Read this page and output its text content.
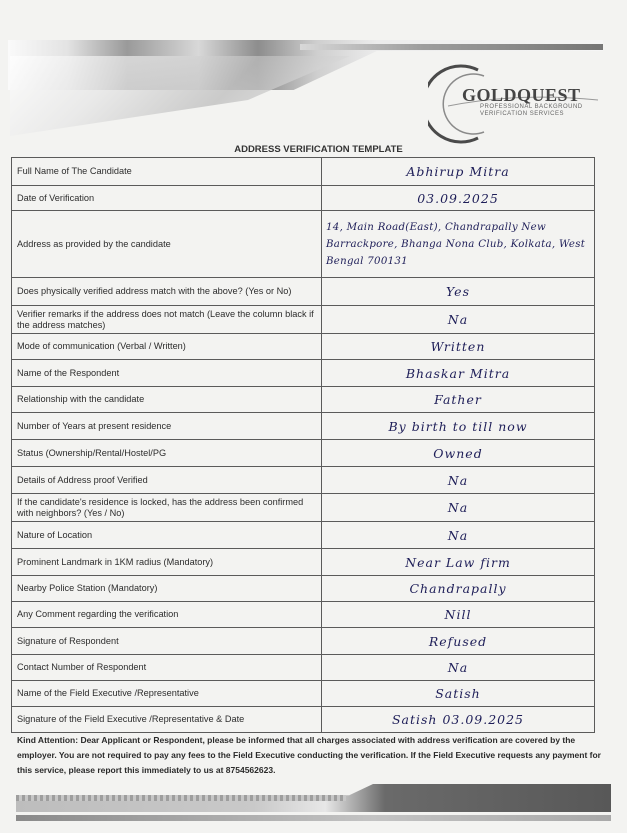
GOLDQUEST
PROFESSIONAL BACKGROUND VERIFICATION SERVICES
ADDRESS VERIFICATION TEMPLATE
Full Name of The Candidate	Abhirup Mitra
Date of Verification	03.09.2025
Address as provided by the candidate	14, Main Road(East), Chandrapally New Barrackpore, Bhanga Nona Club, Kolkata, West Bengal 700131
Does physically verified address match with the above? (Yes or No)	Yes
Verifier remarks if the address does not match (Leave the column black if the address matches)	Na
Mode of communication (Verbal / Written)	Written
Name of the Respondent	Bhaskar Mitra
Relationship with the candidate	Father
Number of Years at present residence	By birth to till now
Status (Ownership/Rental/Hostel/PG	Owned
Details of Address proof Verified	Na
If the candidate's residence is locked, has the address been confirmed with neighbors? (Yes / No)	Na
Nature of Location	Na
Prominent Landmark in 1KM radius (Mandatory)	Near Law firm
Nearby Police Station (Mandatory)	Chandrapally
Any Comment regarding the verification	Nill
Signature of Respondent	Refused
Contact Number of Respondent	Na
Name of the Field Executive /Representative	Satish
Signature of the Field Executive /Representative & Date	Satish 03.09.2025
Kind Attention: Dear Applicant or Respondent, please be informed that all charges associated with address verification are covered by the employer. You are not required to pay any fees to the Field Executive conducting the verification. If the Field Executive requests any payment for this service, please report this immediately to us at 8754562623.
